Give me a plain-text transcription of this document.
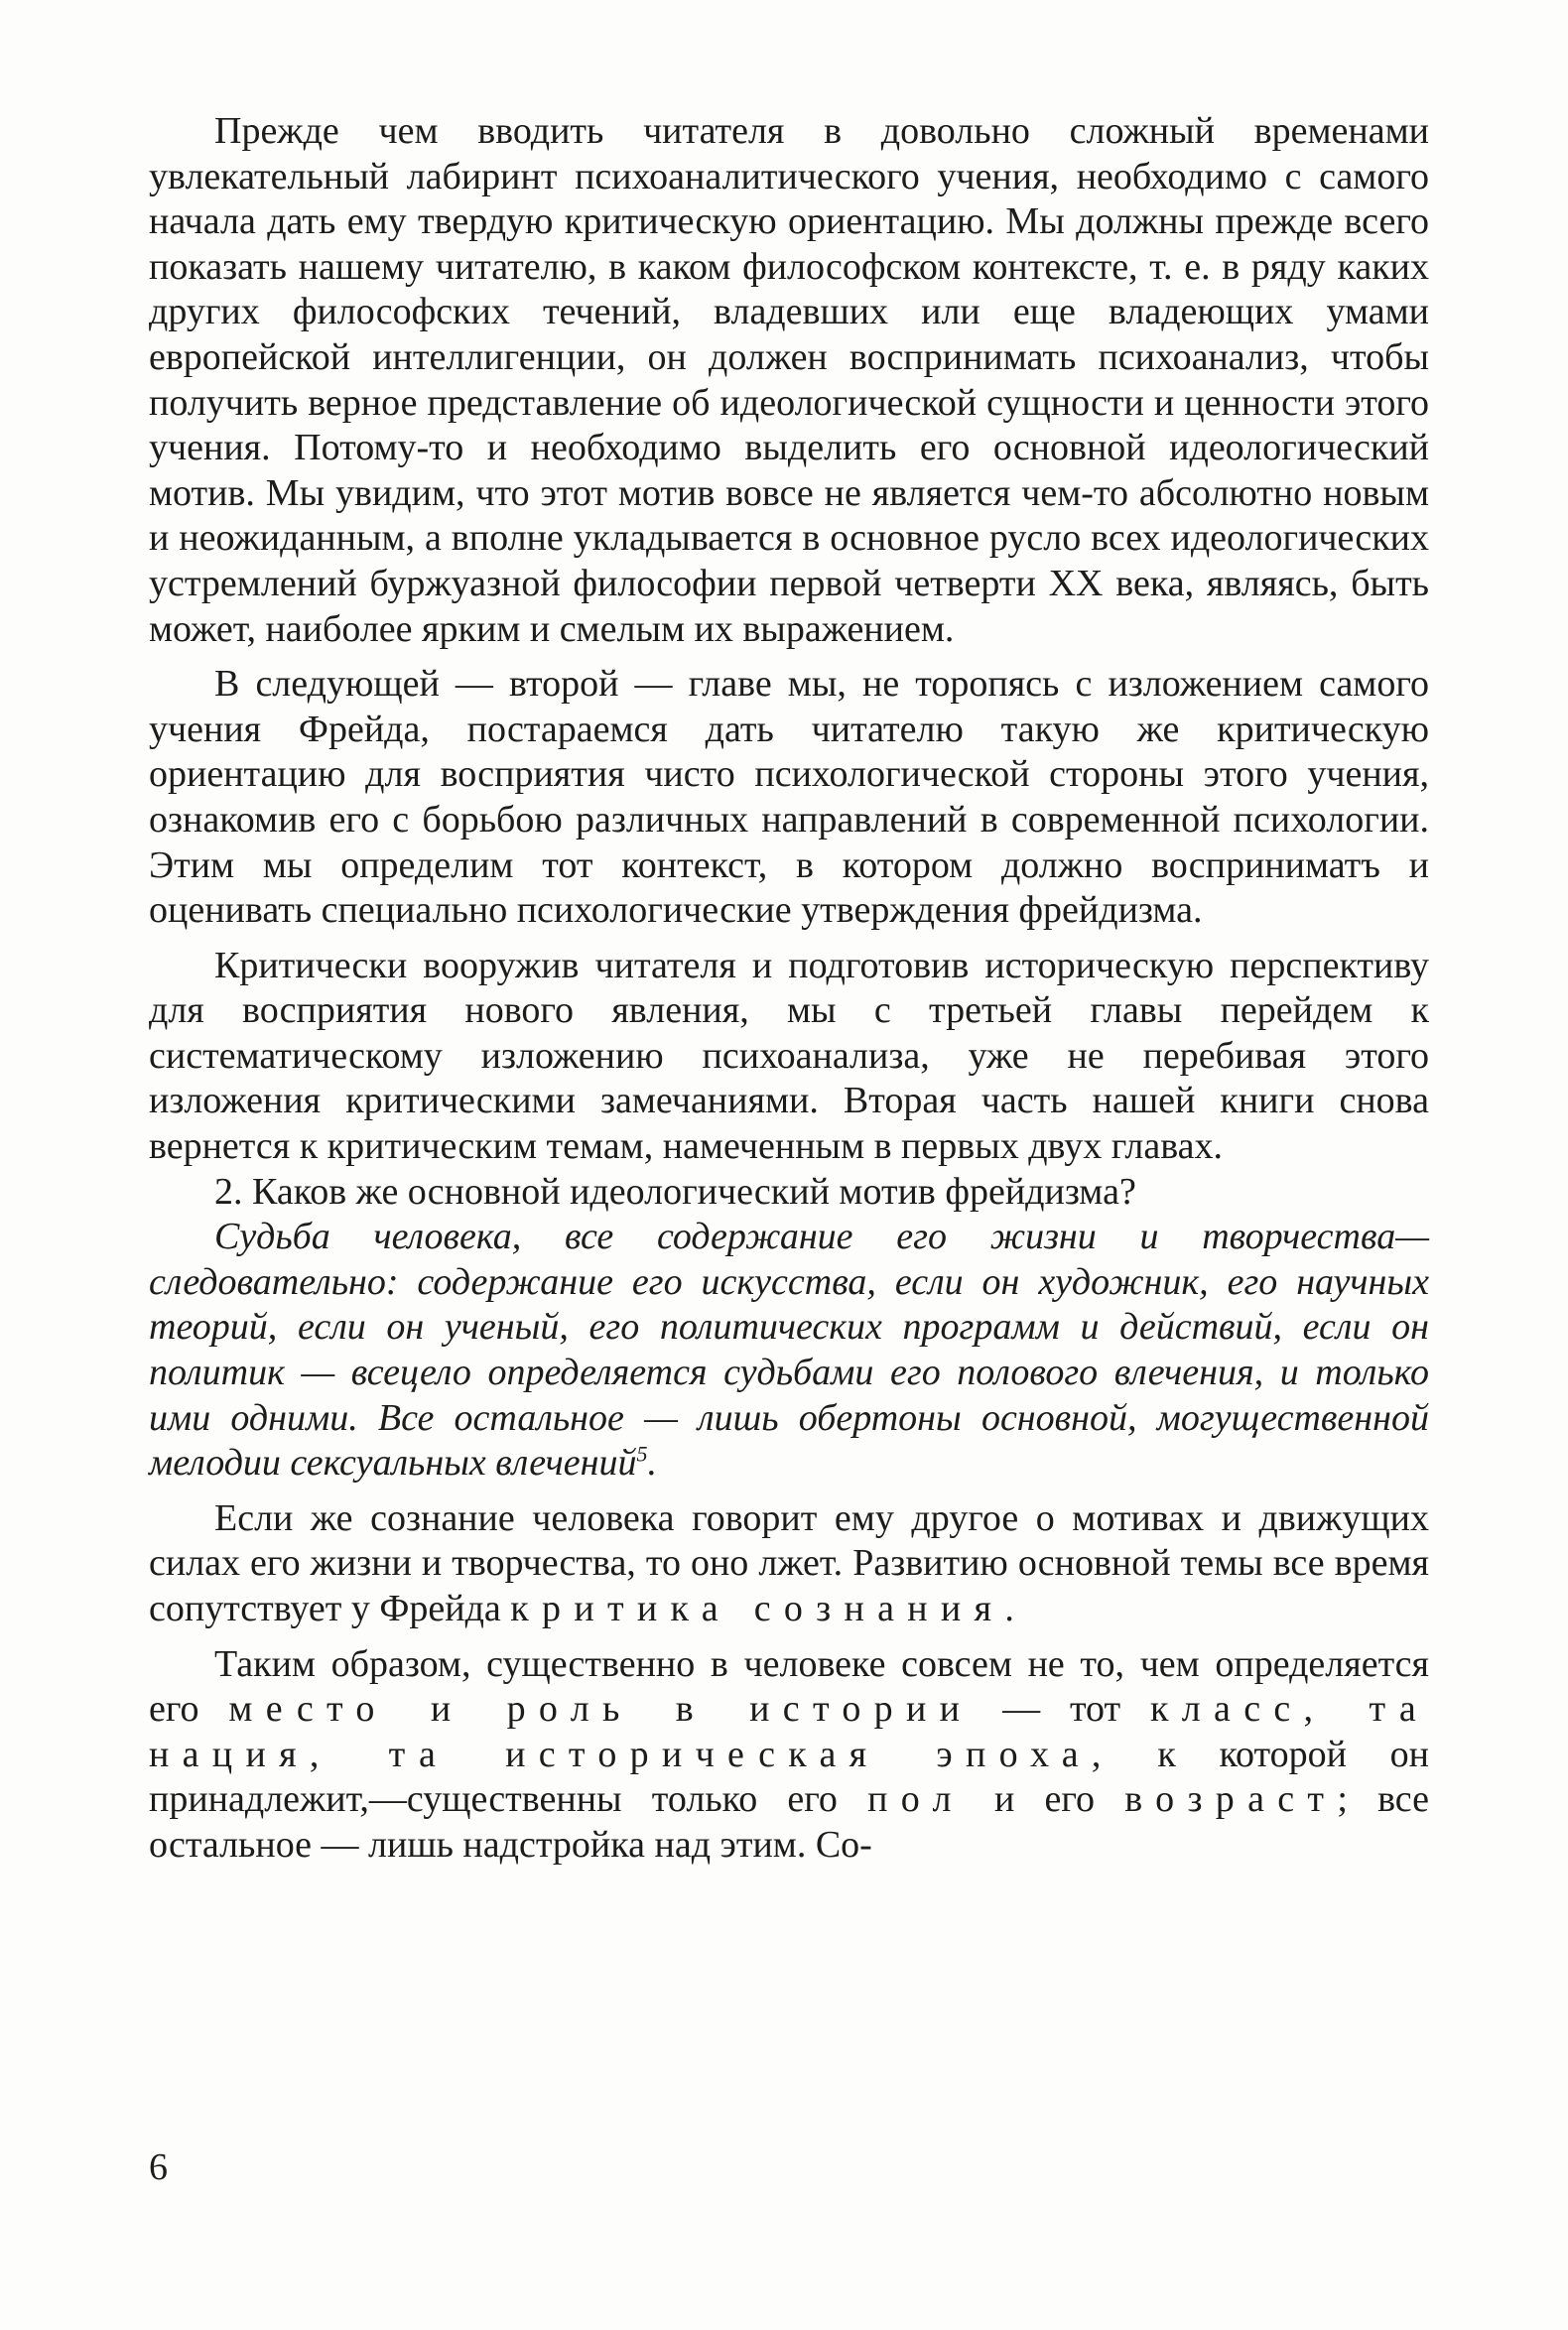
Прежде чем вводить читателя в довольно сложный временами увлекательный лабиринт психоаналитического учения, необходимо с самого начала дать ему твердую критическую ориентацию. Мы должны прежде всего показать нашему читателю, в каком философском контексте, т. е. в ряду каких других философских течений, владевших или еще владеющих умами европейской интеллигенции, он должен воспринимать психоанализ, чтобы получить верное представление об идеологической сущности и ценности этого учения. Потому-то и необходимо выделить его основной идеологический мотив. Мы увидим, что этот мотив вовсе не является чем-то абсолютно новым и неожиданным, а вполне укладывается в основное русло всех идеологических устремлений буржуазной философии первой четверти XX века, являясь, быть может, наиболее ярким и смелым их выражением.

В следующей — второй — главе мы, не торопясь с изложением самого учения Фрейда, постараемся дать читателю такую же критическую ориентацию для восприятия чисто психологической стороны этого учения, ознакомив его с борьбою различных направлений в современной психологии. Этим мы определим тот контекст, в котором должно восприниматъ и оценивать специально психологические утверждения фрейдизма.

Критически вооружив читателя и подготовив историческую перспективу для восприятия нового явления, мы с третьей главы перейдем к систематическому изложению психоанализа, уже не перебивая этого изложения критическими замечаниями. Вторая часть нашей книги снова вернется к критическим темам, намеченным в первых двух главах.

2. Каков же основной идеологический мотив фрейдизма?

Судьба человека, все содержание его жизни и творчества— следовательно: содержание его искусства, если он художник, его научных теорий, если он ученый, его политических программ и действий, если он политик — всецело определяется судьбами его полового влечения, и только ими одними. Все остальное — лишь обертоны основной, могущественной мелодии сексуальных влечений$^5$.

Если же сознание человека говорит ему другое о мотивах и движущих силах его жизни и творчества, то оно лжет. Развитию основной темы все время сопутствует у Фрейда критика сознания.

Таким образом, существенно в человеке совсем не то, чем определяется его место и роль в истории — тот класс, та нация, та историческая эпоха, к которой он принадлежит,—существенны только его пол и его возраст; все остальное — лишь надстройка над этим. Со-

6
